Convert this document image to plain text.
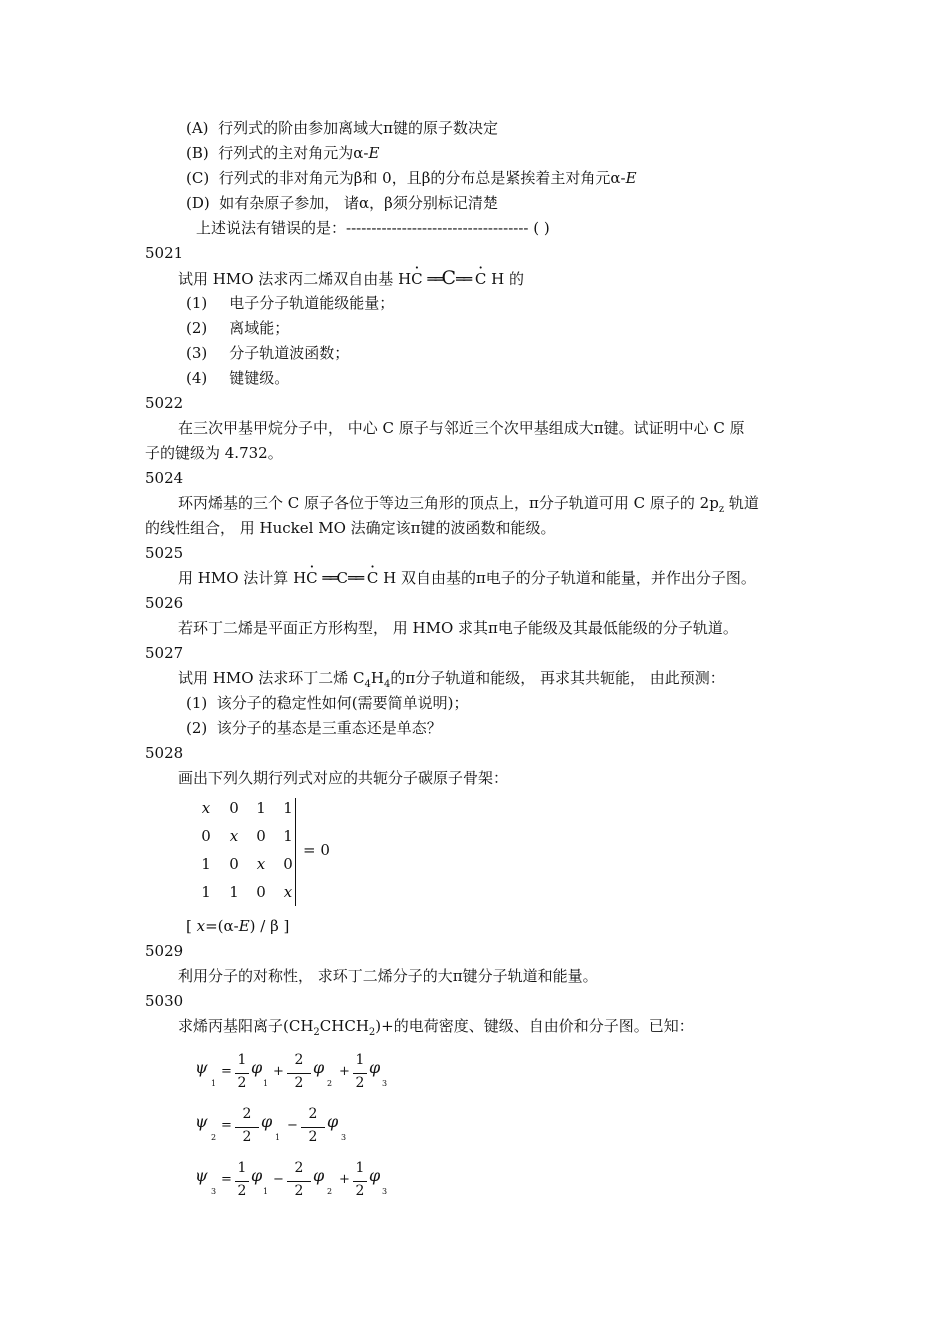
(A) 行列式的阶由参加离域大π键的原子数决定
(B) 行列式的主对角元为α-E
(C) 行列式的非对角元为β和 0，且β的分布总是紧挨着主对角元α-E
(D) 如有杂原子参加， 诸α，β须分别标记清楚
上述说法有错误的是：------------------------------------ ( )
5021
试用 HMO 法求丙二烯双自由基 H· C ══C══ · C H 的
(1) 电子分子轨道能级能量；
(2) 离域能；
(3) 分子轨道波函数；
(4) 键键级。
5022
在三次甲基甲烷分子中， 中心 C 原子与邻近三个次甲基组成大π键。试证明中心 C 原
子的键级为 4.732。
5024
环丙烯基的三个 C 原子各位于等边三角形的顶点上，π分子轨道可用 C 原子的 $2p_z$ 轨道
的线性组合， 用 Huckel MO 法确定该π键的波函数和能级。
5025
用 HMO 法计算 H· C ══C══ · C H 双自由基的π电子的分子轨道和能量，并作出分子图。
5026
若环丁二烯是平面正方形构型， 用 HMO 求其π电子能级及其最低能级的分子轨道。
5027
试用 HMO 法求环丁二烯 $C_4H_4$的π分子轨道和能级， 再求其共轭能， 由此预测：
(1) 该分子的稳定性如何(需要简单说明)；
(2) 该分子的基态是三重态还是单态？
5028
画出下列久期行列式对应的共轭分子碳原子骨架：
x	0	1	1
0	x	0	1
1	0	x	0
1	1	0	x
= 0
[ x=(α-E) / β ]
5029
利用分子的对称性， 求环丁二烯分子的大π键分子轨道和能量。
5030
求烯丙基阳离子$(CH_2CHCH_2)+$的电荷密度、键级、自由价和分子图。已知：
ψ
1
=
1
2
φ
1
+
2
2
φ
2
+
1
2
φ
3
ψ
2
=
2
2
φ
1
−
2
2
φ
3
ψ
3
=
1
2
φ
1
−
2
2
φ
2
+
1
2
φ
3
